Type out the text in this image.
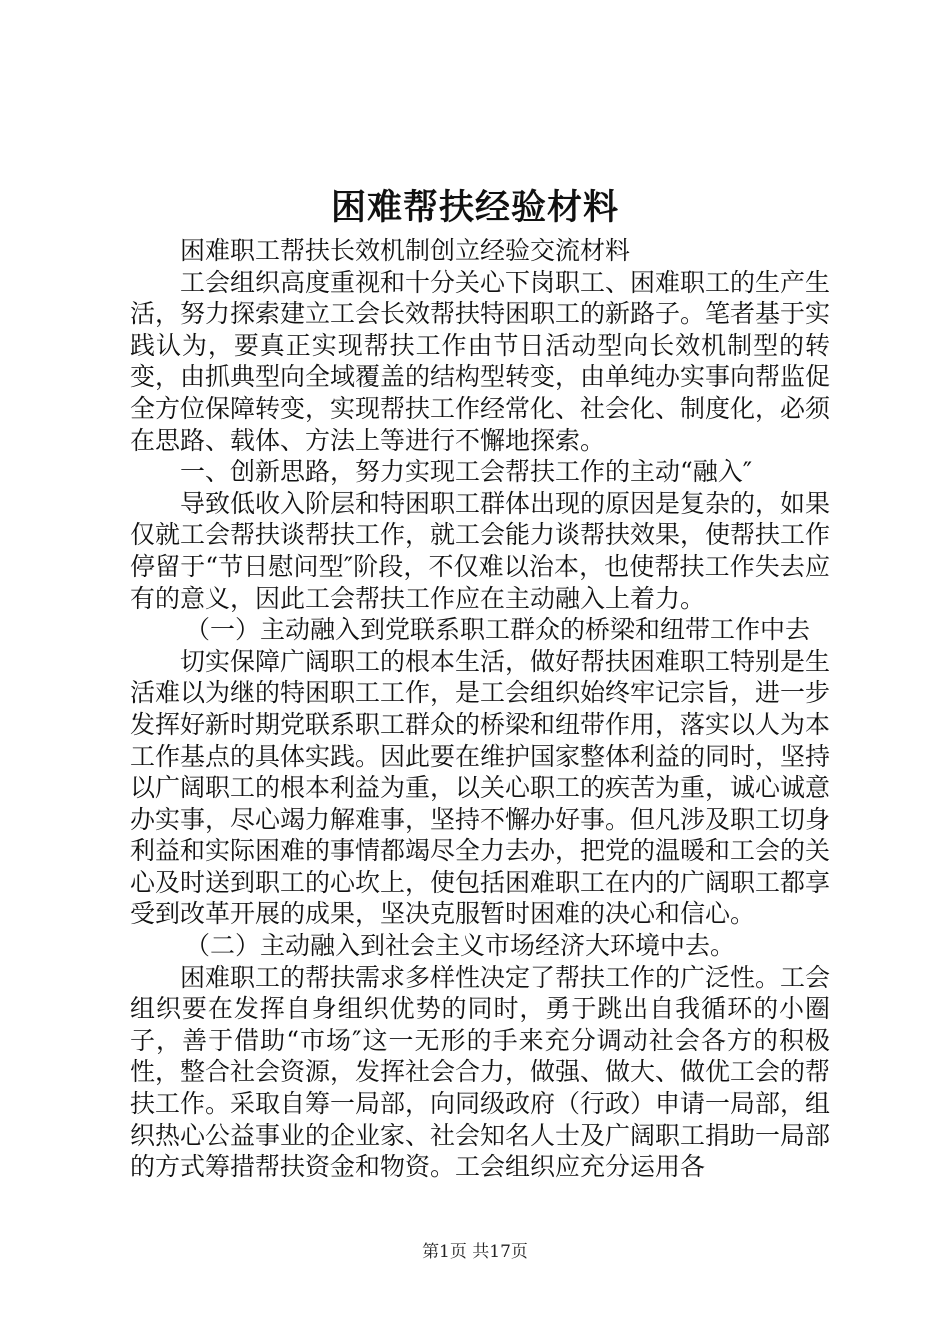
困难帮扶经验材料

困难职工帮扶长效机制创立经验交流材料

工会组织高度重视和十分关心下岗职工、困难职工的生产生活，努力探索建立工会长效帮扶特困职工的新路子。笔者基于实践认为，要真正实现帮扶工作由节日活动型向长效机制型的转变，由抓典型向全域覆盖的结构型转变，由单纯办实事向帮监促全方位保障转变，实现帮扶工作经常化、社会化、制度化，必须在思路、载体、方法上等进行不懈地探索。

一、创新思路，努力实现工会帮扶工作的主动“融入″

导致低收入阶层和特困职工群体出现的原因是复杂的，如果仅就工会帮扶谈帮扶工作，就工会能力谈帮扶效果，使帮扶工作停留于“节日慰问型″阶段，不仅难以治本，也使帮扶工作失去应有的意义，因此工会帮扶工作应在主动融入上着力。

（一）主动融入到党联系职工群众的桥梁和纽带工作中去

切实保障广阔职工的根本生活，做好帮扶困难职工特别是生活难以为继的特困职工工作，是工会组织始终牢记宗旨，进一步发挥好新时期党联系职工群众的桥梁和纽带作用，落实以人为本工作基点的具体实践。因此要在维护国家整体利益的同时，坚持以广阔职工的根本利益为重，以关心职工的疾苦为重，诚心诚意办实事，尽心竭力解难事，坚持不懈办好事。但凡涉及职工切身利益和实际困难的事情都竭尽全力去办，把党的温暖和工会的关心及时送到职工的心坎上，使包括困难职工在内的广阔职工都享受到改革开展的成果，坚决克服暂时困难的决心和信心。

（二）主动融入到社会主义市场经济大环境中去。

困难职工的帮扶需求多样性决定了帮扶工作的广泛性。工会组织要在发挥自身组织优势的同时，勇于跳出自我循环的小圈子，善于借助“市场″这一无形的手来充分调动社会各方的积极性，整合社会资源，发挥社会合力，做强、做大、做优工会的帮扶工作。采取自筹一局部，向同级政府（行政）申请一局部，组织热心公益事业的企业家、社会知名人士及广阔职工捐助一局部的方式筹措帮扶资金和物资。工会组织应充分运用各

第1页 共17页
